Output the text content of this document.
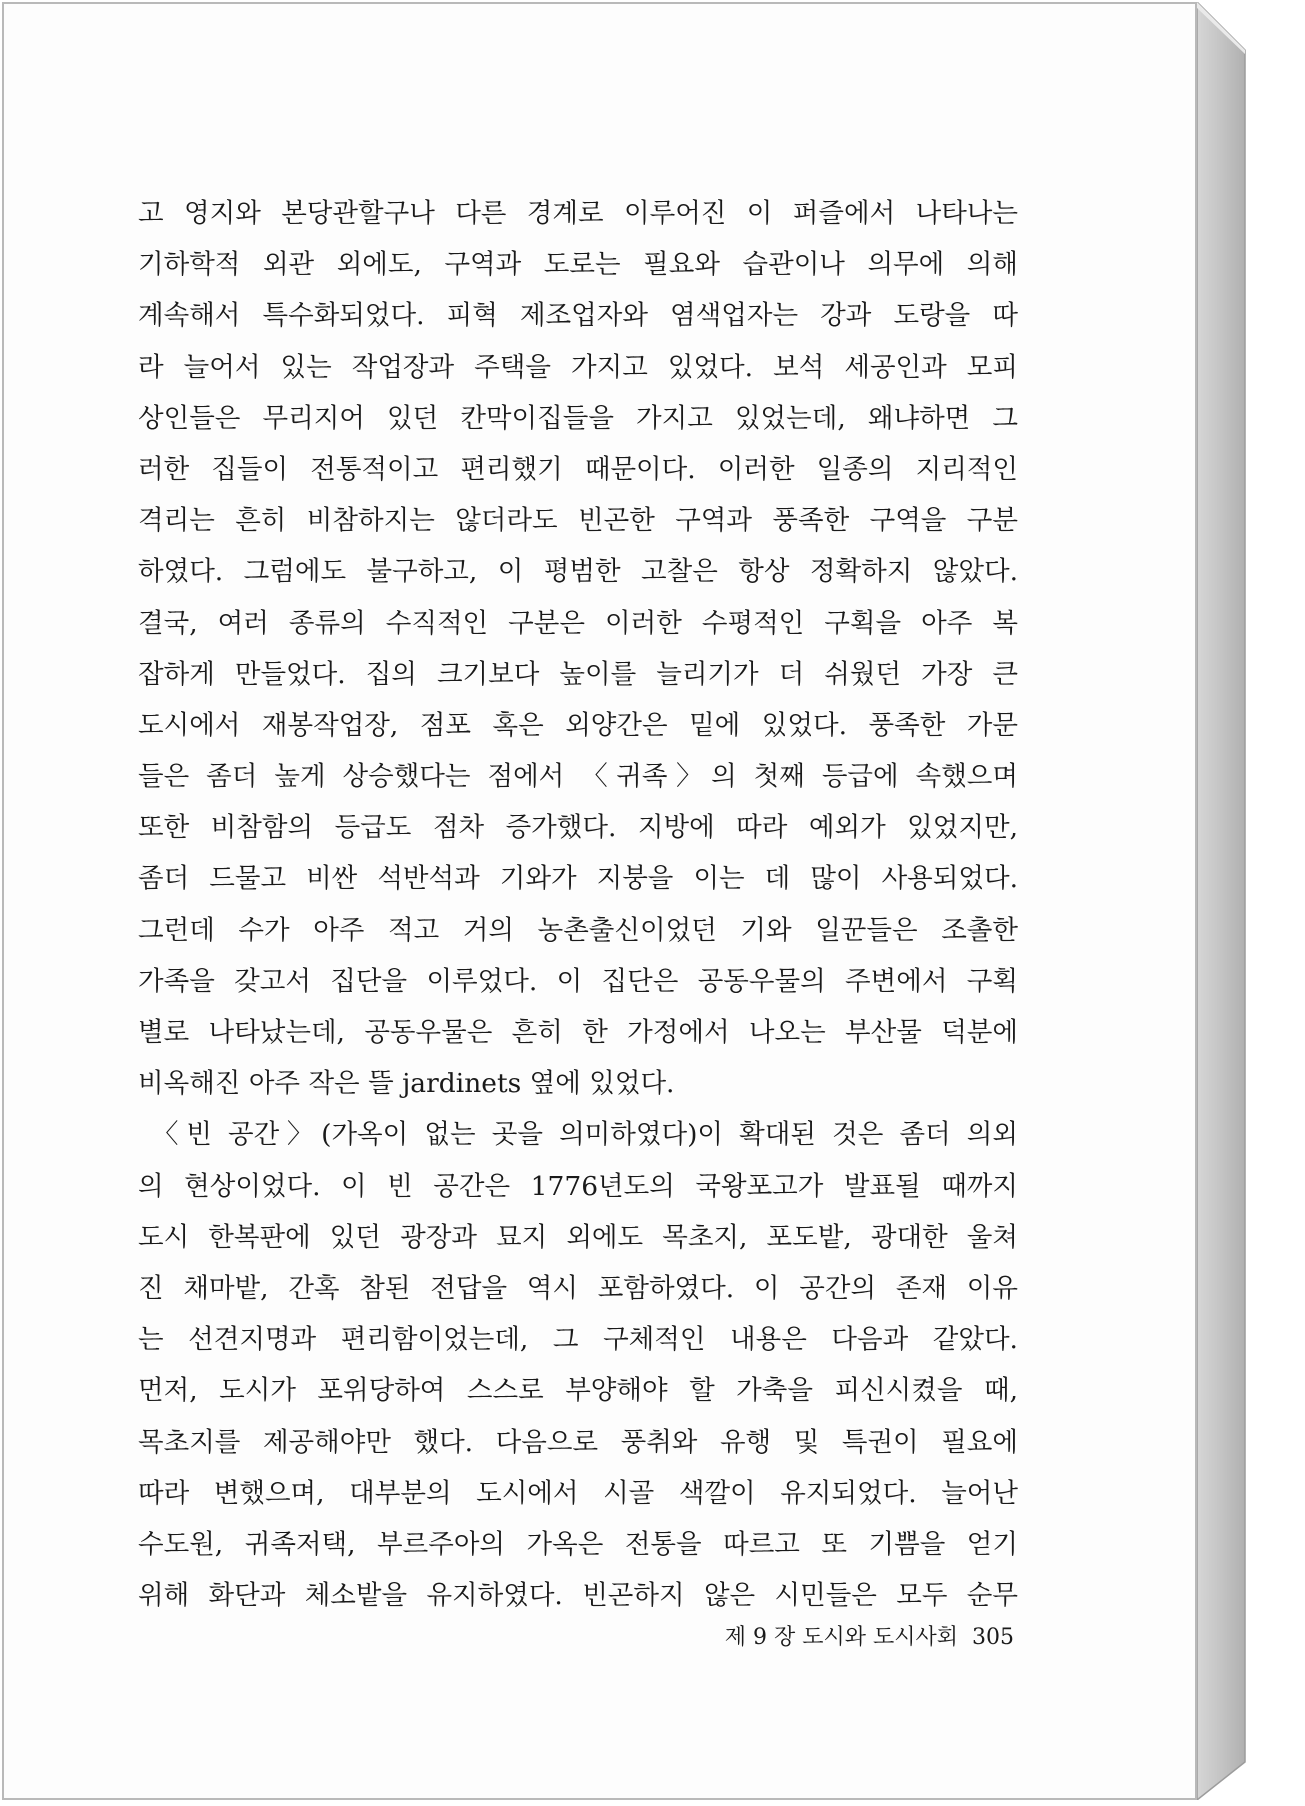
고 영지와 본당관할구나 다른 경계로 이루어진 이 퍼즐에서 나타나는
기하학적 외관 외에도, 구역과 도로는 필요와 습관이나 의무에 의해
계속해서 특수화되었다. 피혁 제조업자와 염색업자는 강과 도랑을 따
라 늘어서 있는 작업장과 주택을 가지고 있었다. 보석 세공인과 모피
상인들은 무리지어 있던 칸막이집들을 가지고 있었는데, 왜냐하면 그
러한 집들이 전통적이고 편리했기 때문이다. 이러한 일종의 지리적인
격리는 흔히 비참하지는 않더라도 빈곤한 구역과 풍족한 구역을 구분
하였다. 그럼에도 불구하고, 이 평범한 고찰은 항상 정확하지 않았다.
결국, 여러 종류의 수직적인 구분은 이러한 수평적인 구획을 아주 복
잡하게 만들었다. 집의 크기보다 높이를 늘리기가 더 쉬웠던 가장 큰
도시에서 재봉작업장, 점포 혹은 외양간은 밑에 있었다. 풍족한 가문
들은 좀더 높게 상승했다는 점에서 〈귀족〉의 첫째 등급에 속했으며
또한 비참함의 등급도 점차 증가했다. 지방에 따라 예외가 있었지만,
좀더 드물고 비싼 석반석과 기와가 지붕을 이는 데 많이 사용되었다.
그런데 수가 아주 적고 거의 농촌출신이었던 기와 일꾼들은 조촐한
가족을 갖고서 집단을 이루었다. 이 집단은 공동우물의 주변에서 구획
별로 나타났는데, 공동우물은 흔히 한 가정에서 나오는 부산물 덕분에
비옥해진 아주 작은 뜰 jardinets 옆에 있었다.
〈빈 공간〉(가옥이 없는 곳을 의미하였다)이 확대된 것은 좀더 의외
의 현상이었다. 이 빈 공간은 1776년도의 국왕포고가 발표될 때까지
도시 한복판에 있던 광장과 묘지 외에도 목초지, 포도밭, 광대한 울쳐
진 채마밭, 간혹 참된 전답을 역시 포함하였다. 이 공간의 존재 이유
는 선견지명과 편리함이었는데, 그 구체적인 내용은 다음과 같았다.
먼저, 도시가 포위당하여 스스로 부양해야 할 가축을 피신시켰을 때,
목초지를 제공해야만 했다. 다음으로 풍취와 유행 및 특권이 필요에
따라 변했으며, 대부분의 도시에서 시골 색깔이 유지되었다. 늘어난
수도원, 귀족저택, 부르주아의 가옥은 전통을 따르고 또 기쁨을 얻기
위해 화단과 체소밭을 유지하였다. 빈곤하지 않은 시민들은 모두 순무
제 9 장 도시와 도시사회 305
